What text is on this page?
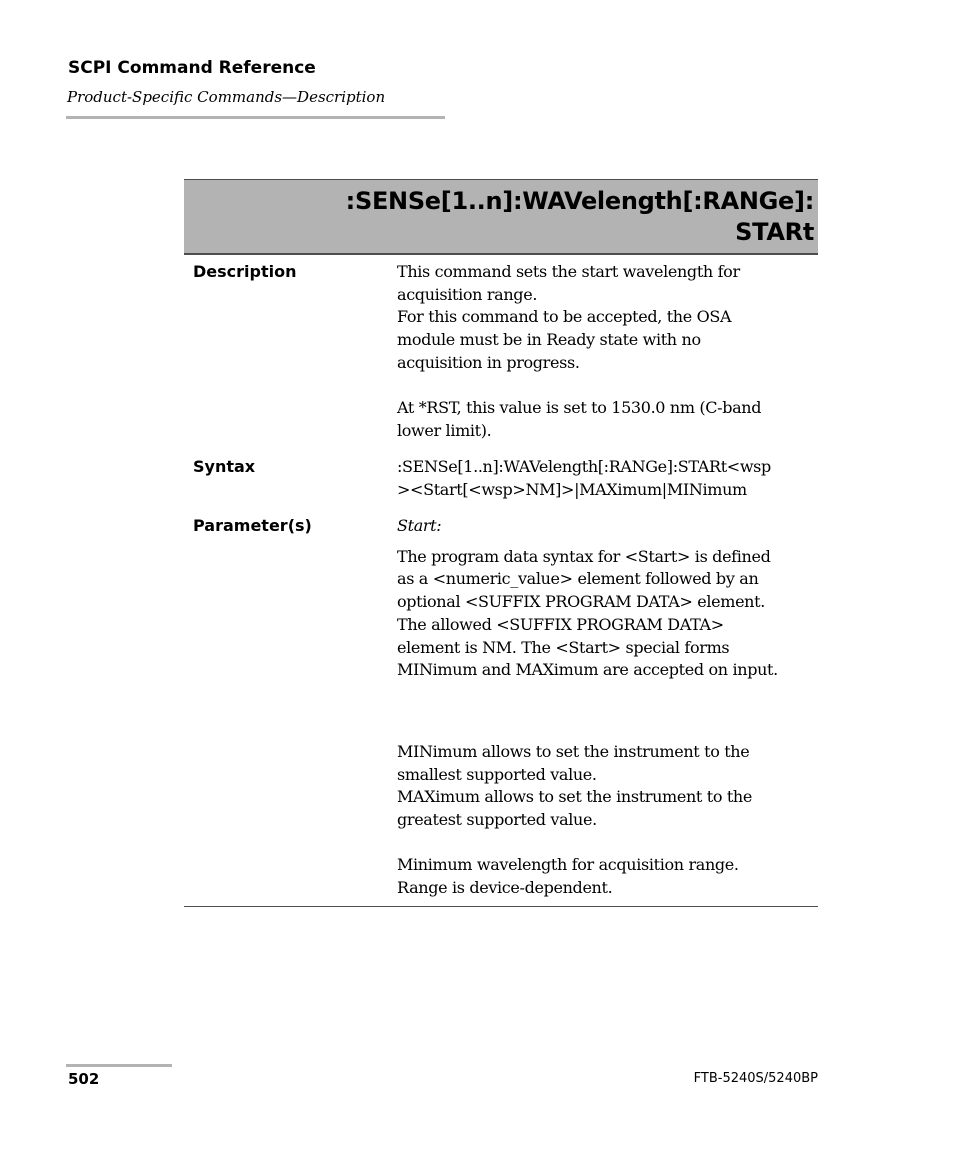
SCPI Command Reference
Product-Specific Commands—Description
:SENSe[1..n]:WAVelength[:RANGe]:
STARt
Description	This command sets the start wavelength for

acquisition range.

For this command to be accepted, the OSA

module must be in Ready state with no

acquisition in progress.

At *RST, this value is set to 1530.0 nm (C-band

lower limit).

Syntax	:SENSe[1..n]:WAVelength[:RANGe]:STARt<wsp

><Start[<wsp>NM]>|MAXimum|MINimum

Parameter(s)	Start:

The program data syntax for <Start> is defined

as a <numeric_value> element followed by an

optional <SUFFIX PROGRAM DATA> element.

The allowed <SUFFIX PROGRAM DATA>

element is NM. The <Start> special forms

MINimum and MAXimum are accepted on input.

MINimum allows to set the instrument to the

smallest supported value.

MAXimum allows to set the instrument to the

greatest supported value.

Minimum wavelength for acquisition range.

Range is device-dependent.

502	FTB-5240S/5240BP
